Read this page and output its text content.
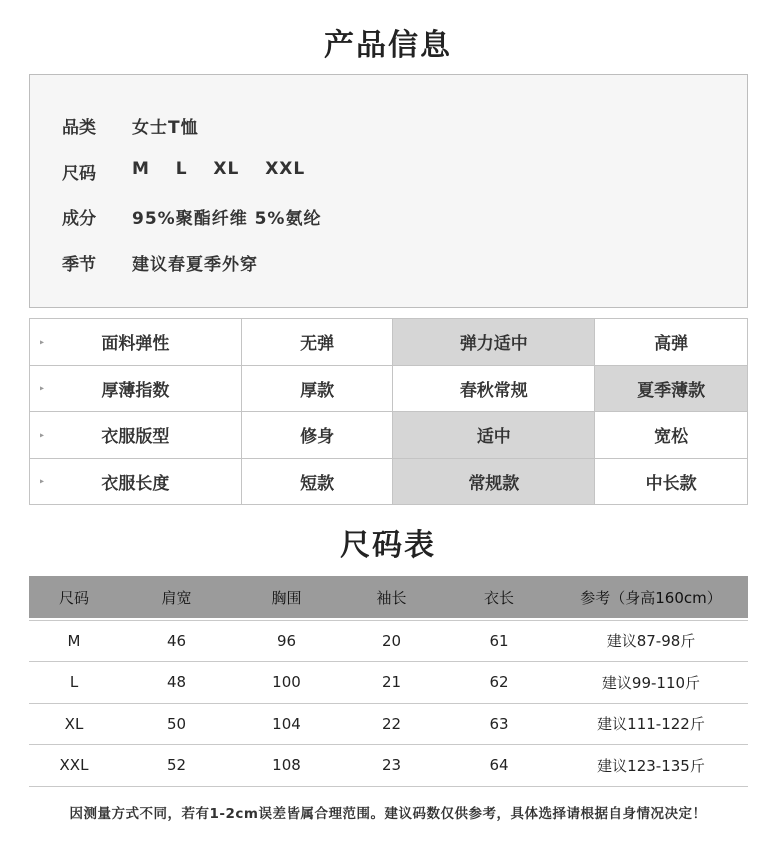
产品信息
品类	女士T恤
尺码	M  L  XL  XXL
成分	95%聚酯纤维 5%氨纶
季节	建议春夏季外穿
▸ 面料弹性	无弹	弹力适中	高弹

▸ 厚薄指数	厚款	春秋常规	夏季薄款

▸ 衣服版型	修身	适中	宽松

▸ 衣服长度	短款	常规款	中长款
尺码表
尺码	肩宽	胸围	袖长	衣长	参考（身高160cm）

M	46	96	20	61	建议87-98斤
L	48	100	21	62	建议99-110斤
XL	50	104	22	63	建议111-122斤
XXL	52	108	23	64	建议123-135斤
因测量方式不同，若有1-2cm误差皆属合理范围。建议码数仅供参考，具体选择请根据自身情况决定！
